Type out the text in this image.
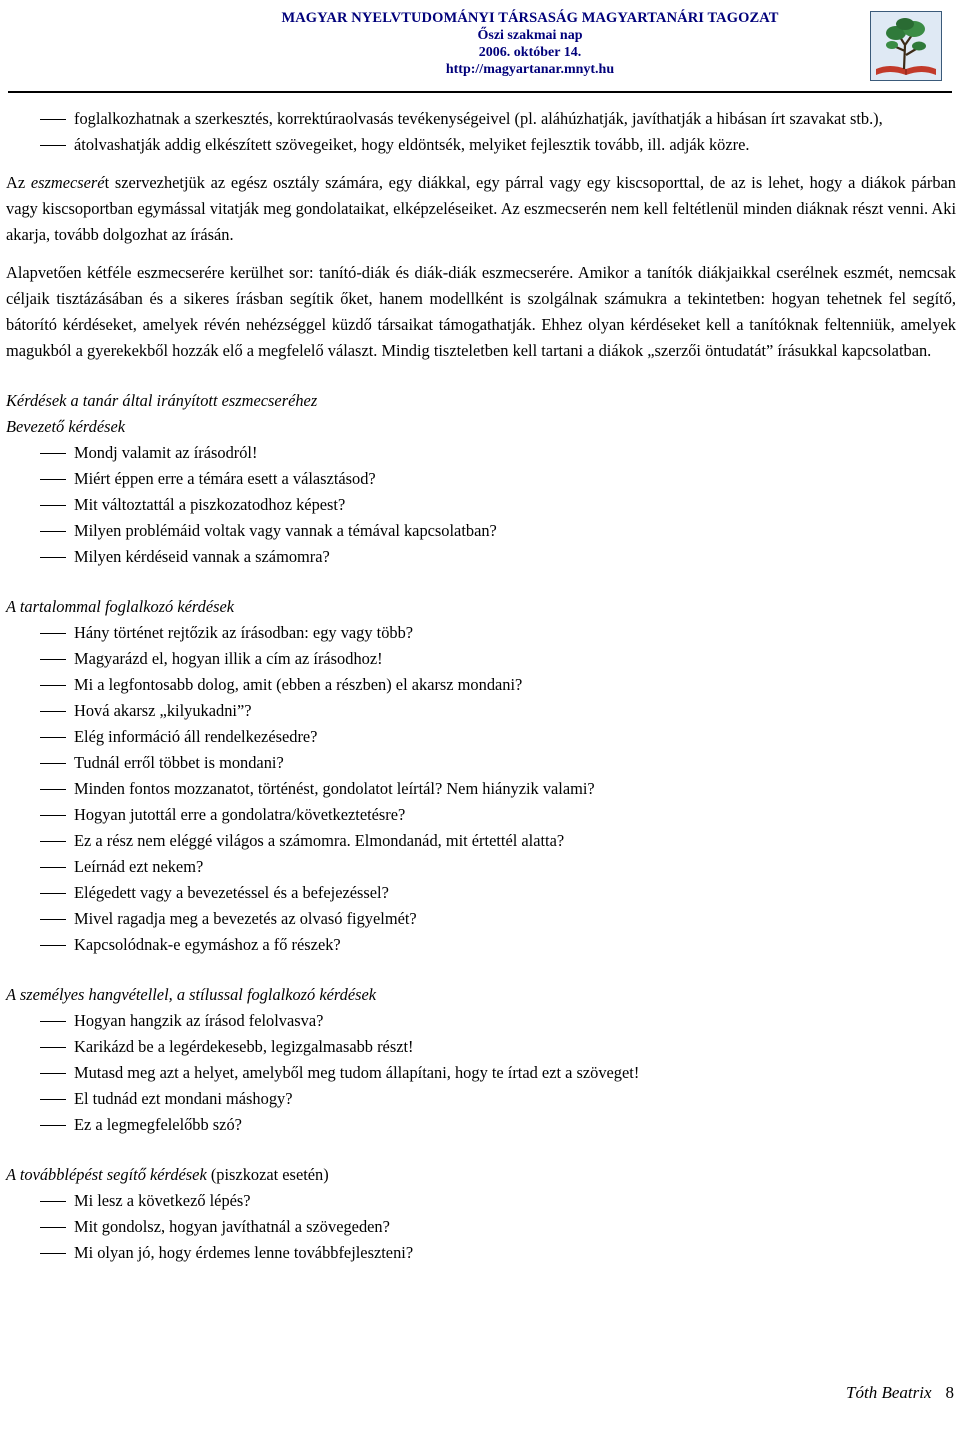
MAGYAR NYELVTUDOMÁNYI TÁRSASÁG MAGYARTANÁRI TAGOZAT
Őszi szakmai nap
2006. október 14.
http://magyartanar.mnyt.hu
foglalkozhatnak a szerkesztés, korrektúraolvasás tevékenységeivel (pl. aláhúzhatják, javíthatják a hibásan írt szavakat stb.),
átolvashatják addig elkészített szövegeiket, hogy eldöntsék, melyiket fejlesztik tovább, ill. adják közre.

Az eszmecserét szervezhetjük az egész osztály számára, egy diákkal, egy párral vagy egy kiscsoporttal, de az is lehet, hogy a diákok párban vagy kiscsoportban egymással vitatják meg gondolataikat, elképzeléseiket. Az eszmecserén nem kell feltétlenül minden diáknak részt venni. Aki akarja, tovább dolgozhat az írásán.

Alapvetően kétféle eszmecserére kerülhet sor: tanító-diák és diák-diák eszmecserére. Amikor a tanítók diákjaikkal cserélnek eszmét, nemcsak céljaik tisztázásában és a sikeres írásban segítik őket, hanem modellként is szolgálnak számukra a tekintetben: hogyan tehetnek fel segítő, bátorító kérdéseket, amelyek révén nehézséggel küzdő társaikat támogathatják. Ehhez olyan kérdéseket kell a tanítóknak feltenniük, amelyek magukból a gyerekekből hozzák elő a megfelelő választ. Mindig tiszteletben kell tartani a diákok „szerzői öntudatát” írásukkal kapcsolatban.

Kérdések a tanár által irányított eszmecseréhez
Bevezető kérdések
Mondj valamit az írásodról!
Miért éppen erre a témára esett a választásod?
Mit változtattál a piszkozatodhoz képest?
Milyen problémáid voltak vagy vannak a témával kapcsolatban?
Milyen kérdéseid vannak a számomra?
A tartalommal foglalkozó kérdések
Hány történet rejtőzik az írásodban: egy vagy több?
Magyarázd el, hogyan illik a cím az írásodhoz!
Mi a legfontosabb dolog, amit (ebben a részben) el akarsz mondani?
Hová akarsz „kilyukadni”?
Elég információ áll rendelkezésedre?
Tudnál erről többet is mondani?
Minden fontos mozzanatot, történést, gondolatot leírtál? Nem hiányzik valami?
Hogyan jutottál erre a gondolatra/következtetésre?
Ez a rész nem eléggé világos a számomra. Elmondanád, mit értettél alatta?
Leírnád ezt nekem?
Elégedett vagy a bevezetéssel és a befejezéssel?
Mivel ragadja meg a bevezetés az olvasó figyelmét?
Kapcsolódnak-e egymáshoz a fő részek?
A személyes hangvétellel, a stílussal foglalkozó kérdések
Hogyan hangzik az írásod felolvasva?
Karikázd be a legérdekesebb, legizgalmasabb részt!
Mutasd meg azt a helyet, amelyből meg tudom állapítani, hogy te írtad ezt a szöveget!
El tudnád ezt mondani máshogy?
Ez a legmegfelelőbb szó?
A továbblépést segítő kérdések (piszkozat esetén)
Mi lesz a következő lépés?
Mit gondolsz, hogyan javíthatnál a szövegeden?
Mi olyan jó, hogy érdemes lenne továbbfejleszteni?
Tóth Beatrix 8
